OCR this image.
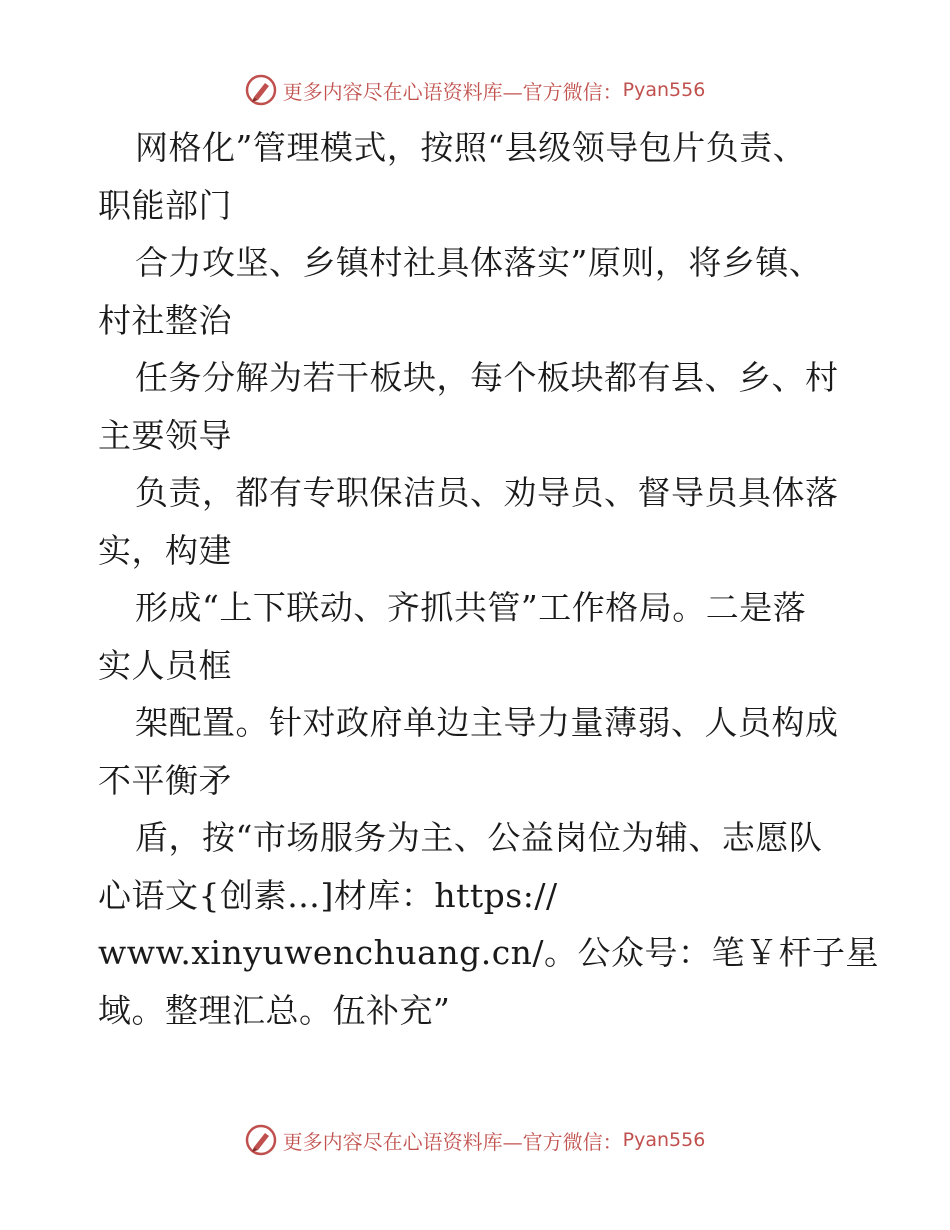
更多内容尽在心语资料库—官方微信： Pyan556
网格化”管理模式，按照“县级领导包片负责、
职能部门
合力攻坚、乡镇村社具体落实”原则，将乡镇、
村社整治
任务分解为若干板块，每个板块都有县、乡、村
主要领导
负责，都有专职保洁员、劝导员、督导员具体落
实，构建
形成“上下联动、齐抓共管”工作格局。二是落
实人员框
架配置。针对政府单边主导力量薄弱、人员构成
不平衡矛
盾，按“市场服务为主、公益岗位为辅、志愿队
心语文{创素…]材库：https://
www.xinyuwenchuang.cn/。公众号：笔￥杆子星
域。整理汇总。伍补充”
更多内容尽在心语资料库—官方微信： Pyan556
